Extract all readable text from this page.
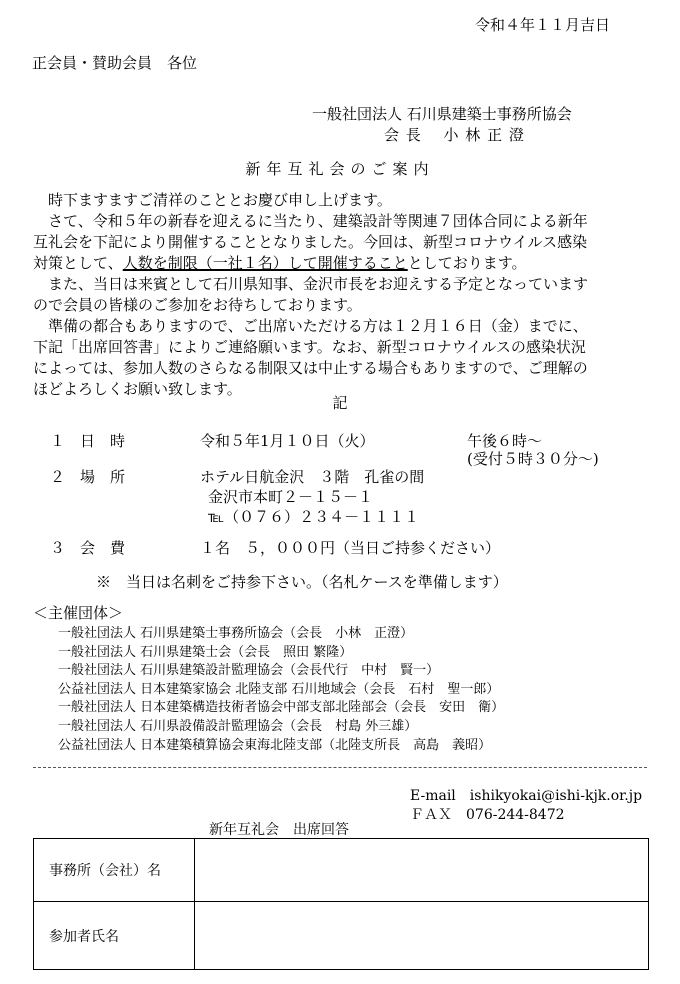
令和４年１１月吉日
正会員・賛助会員　各位
一般社団法人 石川県建築士事務所協会
会 長　 小 林 正 澄
新年互礼会のご案内

　時下ますますご清祥のこととお慶び申し上げます。

　さて、令和５年の新春を迎えるに当たり、建築設計等関連７団体合同による新年
互礼会を下記により開催することとなりました。今回は、新型コロナウイルス感染
対策として、人数を制限（一社１名）して開催することとしております。

　また、当日は来賓として石川県知事、金沢市長をお迎えする予定となっています
ので会員の皆様のご参加をお待ちしております。

　準備の都合もありますので、ご出席いただける方は１２月１６日（金）までに、
下記「出席回答書」によりご連絡願います。なお、新型コロナウイルスの感染状況
によっては、参加人数のさらなる制限又は中止する場合もありますので、ご理解の
ほどよろしくお願い致します。

記
１　日　時	令和５年1月１０日（火）	午後６時～
(受付５時３０分～)
２　場　所	ホテル日航金沢　３階　孔雀の間
金沢市本町２－１５－１
℡（０７６）２３４－１１１１
３　会　費	１名　５，０００円（当日ご持参ください）
※　当日は名刺をご持参下さい。（名札ケースを準備します）
＜主催団体＞
一般社団法人 石川県建築士事務所協会（会長　小林　正澄）
一般社団法人 石川県建築士会（会長　照田 繁隆）
一般社団法人 石川県建築設計監理協会（会長代行　中村　賢一）
公益社団法人 日本建築家協会 北陸支部 石川地域会（会長　石村　聖一郎）
一般社団法人 日本建築構造技術者協会中部支部北陸部会（会長　安田　衛）
一般社団法人 石川県設備設計監理協会（会長　村島 外三雄）
公益社団法人 日本建築積算協会東海北陸支部（北陸支所長　高島　義昭）
E-mail　 ishikyokai@ishi-kjk.or.jp
ＦＡＸ　 076-244-8472
新年互礼会　出席回答
事務所（会社）名	
参加者氏名	
